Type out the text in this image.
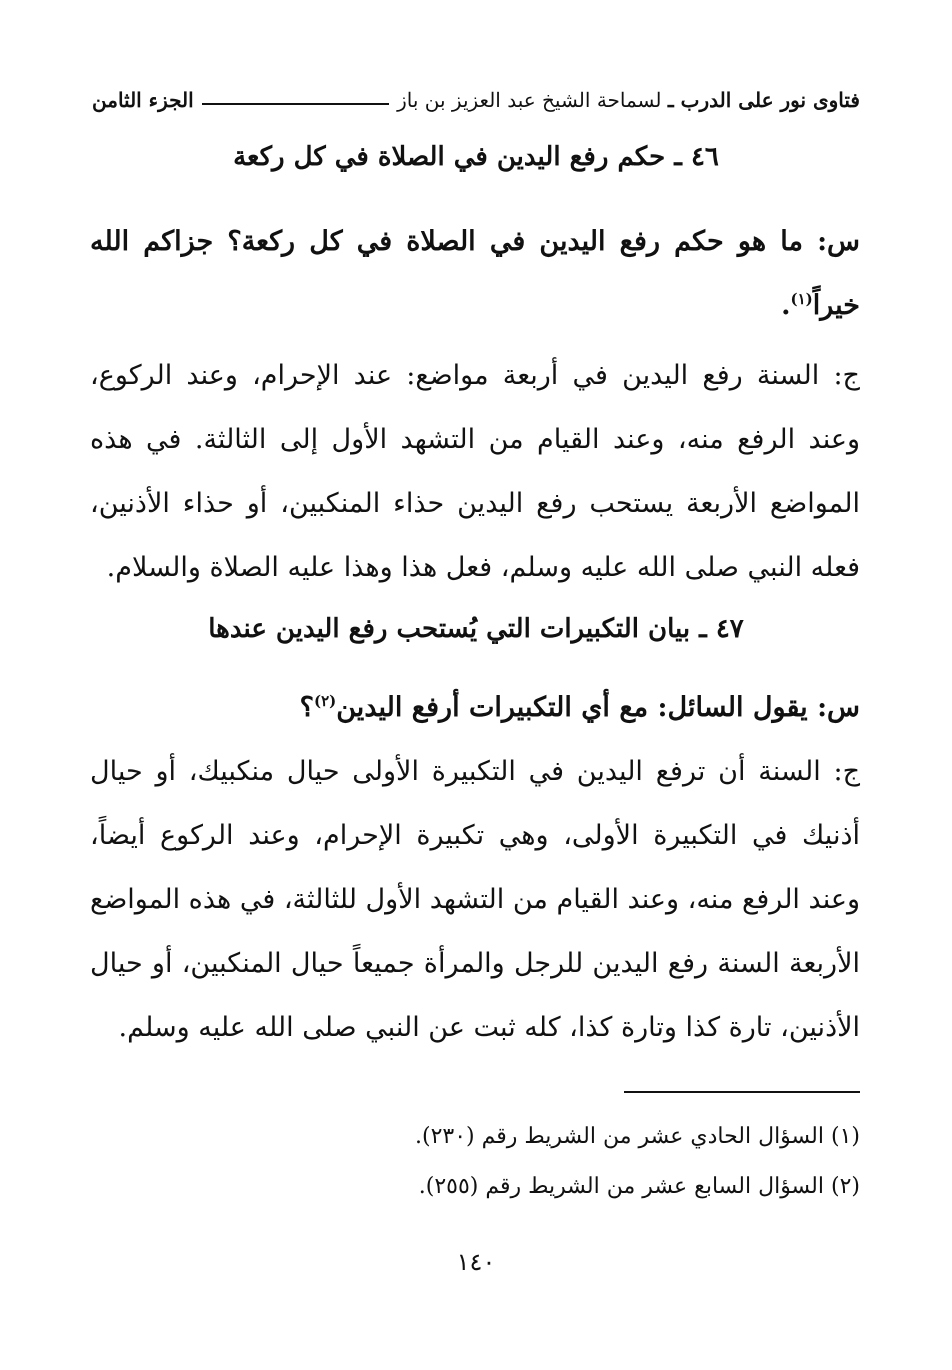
فتاوى نور على الدرب ـ لسماحة الشيخ عبد العزيز بن باز
الجزء الثامن
٤٦ ـ حكم رفع اليدين في الصلاة في كل ركعة
س: ما هو حكم رفع اليدين في الصلاة في كل ركعة؟ جزاكم الله
خيراً$^{(١)}$.
ج: السنة رفع اليدين في أربعة مواضع: عند الإحرام، وعند الركوع،
وعند الرفع منه، وعند القيام من التشهد الأول إلى الثالثة. في هذه
المواضع الأربعة يستحب رفع اليدين حذاء المنكبين، أو حذاء الأذنين،
فعله النبي صلى الله عليه وسلم، فعل هذا وهذا عليه الصلاة والسلام.
٤٧ ـ بيان التكبيرات التي يُستحب رفع اليدين عندها
س: يقول السائل: مع أي التكبيرات أرفع اليدين$^{(٢)}$؟
ج: السنة أن ترفع اليدين في التكبيرة الأولى حيال منكبيك، أو حيال
أذنيك في التكبيرة الأولى، وهي تكبيرة الإحرام، وعند الركوع أيضاً،
وعند الرفع منه، وعند القيام من التشهد الأول للثالثة، في هذه المواضع
الأربعة السنة رفع اليدين للرجل والمرأة جميعاً حيال المنكبين، أو حيال
الأذنين، تارة كذا وتارة كذا، كله ثبت عن النبي صلى الله عليه وسلم.
(١) السؤال الحادي عشر من الشريط رقم (٢٣٠).
(٢) السؤال السابع عشر من الشريط رقم (٢٥٥).
١٤٠
